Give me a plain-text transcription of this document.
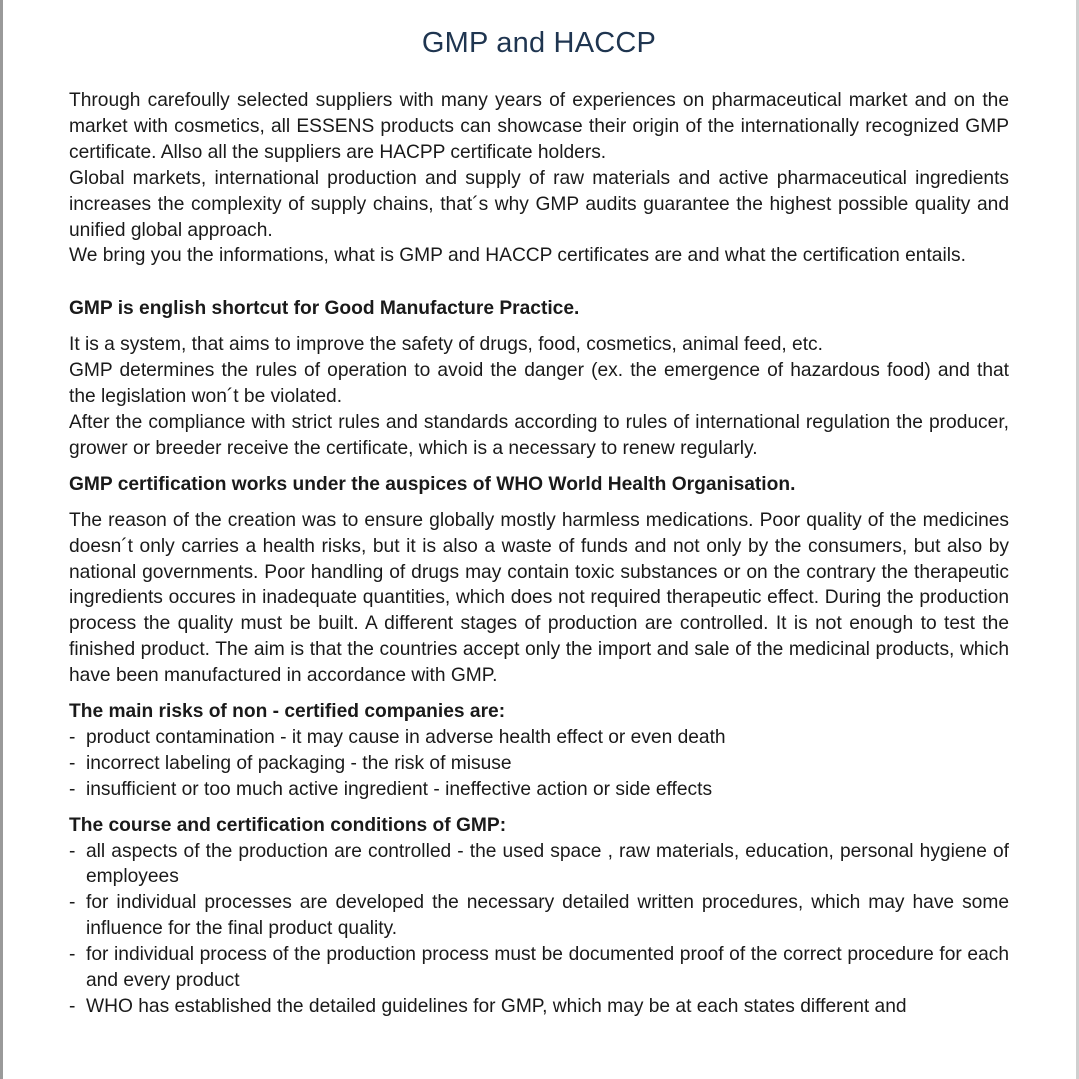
GMP and HACCP

Through carefoully selected suppliers with many years of experiences on pharmaceutical market and on the market with cosmetics, all ESSENS products can showcase their origin of the internationally recognized GMP certificate. Allso all the suppliers are HACPP certificate holders.

Global markets, international production and supply of raw materials and active pharmaceutical ingredients increases the complexity of supply chains, that´s why GMP audits guarantee the highest possible quality and unified global approach.

We bring you the informations, what is GMP and HACCP certificates are and what the certification entails.

GMP is english shortcut for Good Manufacture Practice.

It is a system, that aims to improve the safety of drugs, food, cosmetics, animal feed, etc.

GMP determines the rules of operation to avoid the danger (ex. the emergence of hazardous food) and that the legislation won´t be violated.

After the compliance with strict rules and standards according to rules of international regulation the producer, grower or breeder receive the certificate, which is a necessary to renew regularly.

GMP certification works under the auspices of WHO World Health Organisation.

The reason of the creation was to ensure globally mostly harmless medications. Poor quality of the medicines doesn´t only carries a health risks, but it is also a waste of funds and not only by the consumers, but also by national governments. Poor handling of drugs may contain toxic substances or on the contrary the therapeutic ingredients occures in inadequate quantities, which does not required therapeutic effect. During the production process the quality must be built. A different stages of production are controlled. It is not enough to test the finished product. The aim is that the countries accept only the import and sale of the medicinal products, which have been manufactured in accordance with GMP.

The main risks of non - certified companies are:

- product contamination - it may cause in adverse health effect or even death
- incorrect labeling of packaging - the risk of misuse
- insufficient or too much active ingredient - ineffective action or side effects

The course and certification conditions of GMP:

- all aspects of the production are controlled - the used space , raw materials, education, personal hygiene of employees
- for individual processes are developed the necessary detailed written procedures, which may have some influence for the final product quality.
- for individual process of the production process must be documented proof of the correct procedure for each and every product
- WHO has established the detailed guidelines for GMP, which may be at each states different and
